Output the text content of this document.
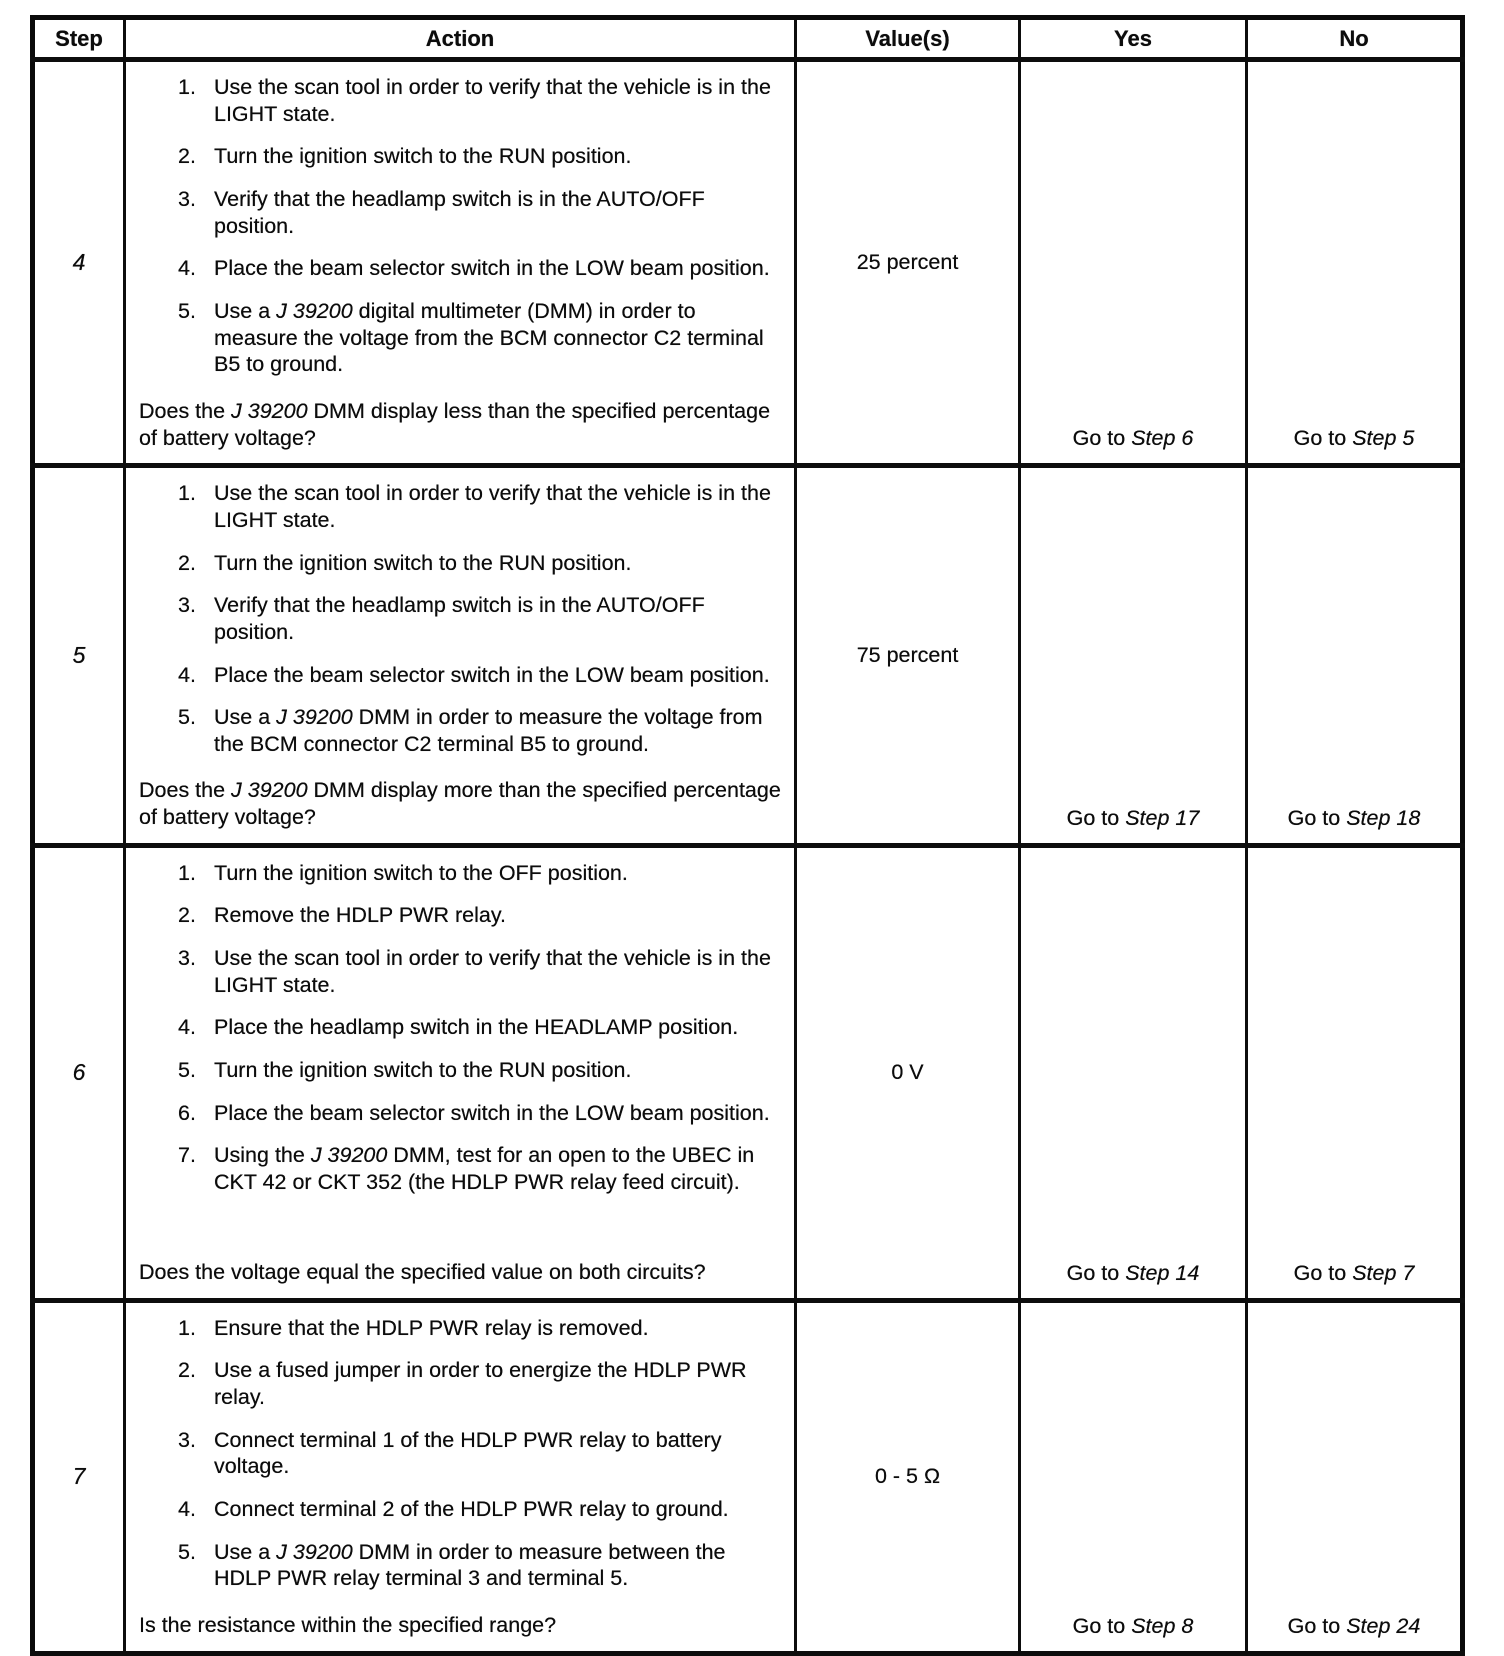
Step	Action	Value(s)	Yes	No
4	
1. Use the scan tool in order to verify that the vehicle is in the LIGHT state.
2. Turn the ignition switch to the RUN position.
3. Verify that the headlamp switch is in the AUTO/OFF position.
4. Place the beam selector switch in the LOW beam position.
5. Use a J 39200 digital multimeter (DMM) in order to measure the voltage from the BCM connector C2 terminal B5 to ground.
Does the J 39200 DMM display less than the specified percentage of battery voltage?
	25 percent	Go to Step 6	Go to Step 5
5	
1. Use the scan tool in order to verify that the vehicle is in the LIGHT state.
2. Turn the ignition switch to the RUN position.
3. Verify that the headlamp switch is in the AUTO/OFF position.
4. Place the beam selector switch in the LOW beam position.
5. Use a J 39200 DMM in order to measure the voltage from the BCM connector C2 terminal B5 to ground.
Does the J 39200 DMM display more than the specified percentage of battery voltage?
	75 percent	Go to Step 17	Go to Step 18
6	
1. Turn the ignition switch to the OFF position.
2. Remove the HDLP PWR relay.
3. Use the scan tool in order to verify that the vehicle is in the LIGHT state.
4. Place the headlamp switch in the HEADLAMP position.
5. Turn the ignition switch to the RUN position.
6. Place the beam selector switch in the LOW beam position.
7. Using the J 39200 DMM, test for an open to the UBEC in CKT 42 or CKT 352 (the HDLP PWR relay feed circuit).
Does the voltage equal the specified value on both circuits?
	0 V	Go to Step 14	Go to Step 7
7	
1. Ensure that the HDLP PWR relay is removed.
2. Use a fused jumper in order to energize the HDLP PWR relay.
3. Connect terminal 1 of the HDLP PWR relay to battery voltage.
4. Connect terminal 2 of the HDLP PWR relay to ground.
5. Use a J 39200 DMM in order to measure between the HDLP PWR relay terminal 3 and terminal 5.
Is the resistance within the specified range?
	0 - 5 Ω	Go to Step 8	Go to Step 24
